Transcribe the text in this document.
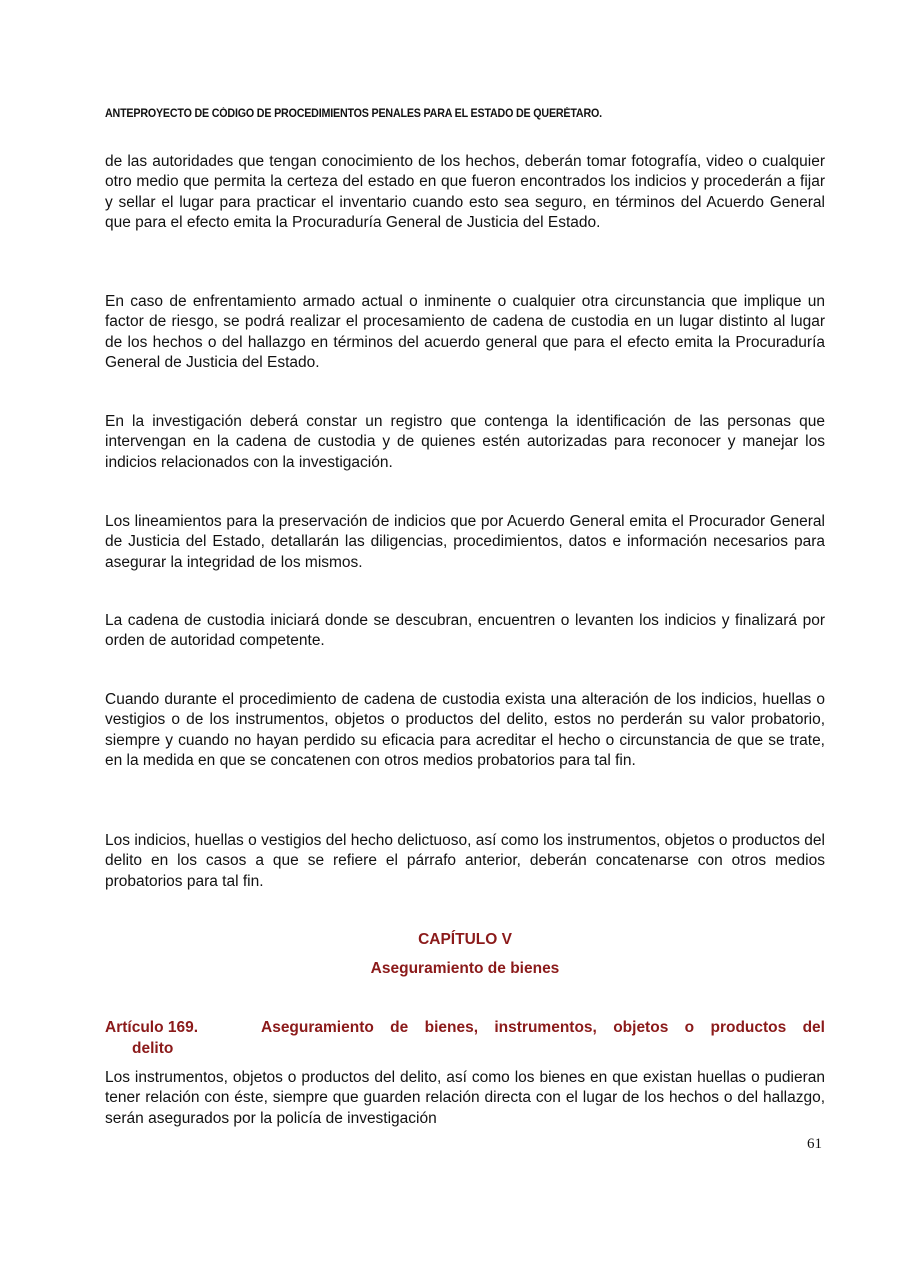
ANTEPROYECTO DE CÓDIGO DE PROCEDIMIENTOS PENALES PARA EL ESTADO DE QUERÉTARO.

de las autoridades que tengan conocimiento de los hechos, deberán tomar fotografía, video o cualquier otro medio que permita la certeza del estado en que fueron encontrados los indicios y procederán a fijar y sellar el lugar para practicar el inventario cuando esto sea seguro, en términos del Acuerdo General que para el efecto emita la Procuraduría General de Justicia del Estado.

En caso de enfrentamiento armado actual o inminente o cualquier otra circunstancia que implique un factor de riesgo, se podrá realizar el procesamiento de cadena de custodia en un lugar distinto al lugar de los hechos o del hallazgo en términos del acuerdo general que para el efecto emita la Procuraduría General de Justicia del Estado.

En la investigación deberá constar un registro que contenga la identificación de las personas que intervengan en la cadena de custodia y de quienes estén autorizadas para reconocer y manejar los indicios relacionados con la investigación.

Los lineamientos para la preservación de indicios que por Acuerdo General emita el Procurador General de Justicia del Estado, detallarán las diligencias, procedimientos, datos e información necesarios para asegurar la integridad de los mismos.

La cadena de custodia iniciará donde se descubran, encuentren o levanten los indicios y finalizará por orden de autoridad competente.

Cuando durante el procedimiento de cadena de custodia exista una alteración de los indicios, huellas o vestigios o de los instrumentos, objetos o productos del delito, estos no perderán su valor probatorio, siempre y cuando no hayan perdido su eficacia para acreditar el hecho o circunstancia de que se trate, en la medida en que se concatenen con otros medios probatorios para tal fin.

Los indicios, huellas o vestigios del hecho delictuoso, así como los instrumentos, objetos o productos del delito en los casos a que se refiere el párrafo anterior, deberán concatenarse con otros medios probatorios para tal fin.

CAPÍTULO V
Aseguramiento de bienes
Artículo 169.	Aseguramiento de bienes, instrumentos, objetos o productos del
delito

Los instrumentos, objetos o productos del delito, así como los bienes en que existan huellas o pudieran tener relación con éste, siempre que guarden relación directa con el lugar de los hechos o del hallazgo, serán asegurados por la policía de investigación

61
